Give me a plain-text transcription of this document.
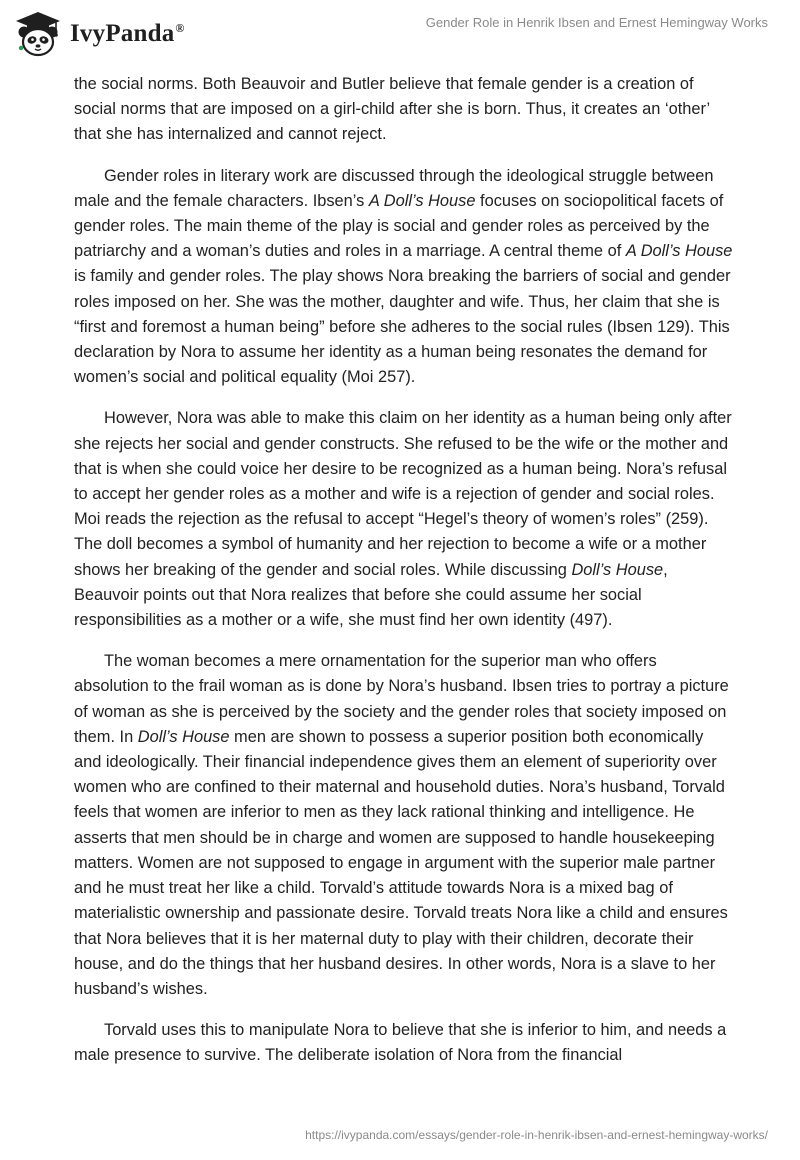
IvyPanda®	Gender Role in Henrik Ibsen and Ernest Hemingway Works

the social norms. Both Beauvoir and Butler believe that female gender is a creation of social norms that are imposed on a girl-child after she is born. Thus, it creates an ‘other’ that she has internalized and cannot reject.

Gender roles in literary work are discussed through the ideological struggle between male and the female characters. Ibsen’s A Doll’s House focuses on sociopolitical facets of gender roles. The main theme of the play is social and gender roles as perceived by the patriarchy and a woman’s duties and roles in a marriage. A central theme of A Doll’s House is family and gender roles. The play shows Nora breaking the barriers of social and gender roles imposed on her. She was the mother, daughter and wife. Thus, her claim that she is “first and foremost a human being” before she adheres to the social rules (Ibsen 129). This declaration by Nora to assume her identity as a human being resonates the demand for women’s social and political equality (Moi 257).

However, Nora was able to make this claim on her identity as a human being only after she rejects her social and gender constructs. She refused to be the wife or the mother and that is when she could voice her desire to be recognized as a human being. Nora’s refusal to accept her gender roles as a mother and wife is a rejection of gender and social roles. Moi reads the rejection as the refusal to accept “Hegel’s theory of women’s roles” (259). The doll becomes a symbol of humanity and her rejection to become a wife or a mother shows her breaking of the gender and social roles. While discussing Doll’s House, Beauvoir points out that Nora realizes that before she could assume her social responsibilities as a mother or a wife, she must find her own identity (497).

The woman becomes a mere ornamentation for the superior man who offers absolution to the frail woman as is done by Nora’s husband. Ibsen tries to portray a picture of woman as she is perceived by the society and the gender roles that society imposed on them. In Doll’s House men are shown to possess a superior position both economically and ideologically. Their financial independence gives them an element of superiority over women who are confined to their maternal and household duties. Nora’s husband, Torvald feels that women are inferior to men as they lack rational thinking and intelligence. He asserts that men should be in charge and women are supposed to handle housekeeping matters. Women are not supposed to engage in argument with the superior male partner and he must treat her like a child. Torvald’s attitude towards Nora is a mixed bag of materialistic ownership and passionate desire. Torvald treats Nora like a child and ensures that Nora believes that it is her maternal duty to play with their children, decorate their house, and do the things that her husband desires. In other words, Nora is a slave to her husband’s wishes.

Torvald uses this to manipulate Nora to believe that she is inferior to him, and needs a male presence to survive. The deliberate isolation of Nora from the financial

https://ivypanda.com/essays/gender-role-in-henrik-ibsen-and-ernest-hemingway-works/
